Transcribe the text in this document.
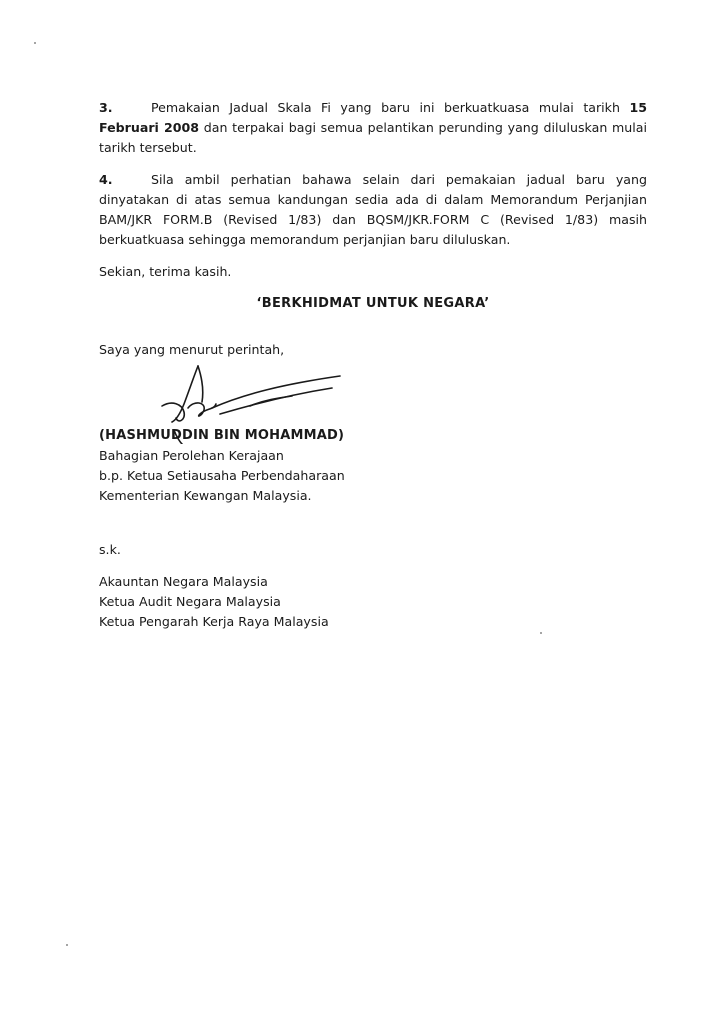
3.	Pemakaian Jadual Skala Fi yang baru ini berkuatkuasa mulai tarikh 15 Februari 2008 dan terpakai bagi semua pelantikan perunding yang diluluskan mulai tarikh tersebut.

4.	Sila ambil perhatian bahawa selain dari pemakaian jadual baru yang dinyatakan di atas semua kandungan sedia ada di dalam Memorandum Perjanjian BAM/JKR FORM.B (Revised 1/83) dan BQSM/JKR.FORM C (Revised 1/83) masih berkuatkuasa sehingga memorandum perjanjian baru diluluskan.

Sekian, terima kasih.

‘BERKHIDMAT UNTUK NEGARA’

Saya yang menurut perintah,

(HASHMUDDIN BIN MOHAMMAD)

Bahagian Perolehan Kerajaan

b.p. Ketua Setiausaha Perbendaharaan

Kementerian Kewangan Malaysia.

s.k.

Akauntan Negara Malaysia

Ketua Audit Negara Malaysia

Ketua Pengarah Kerja Raya Malaysia
